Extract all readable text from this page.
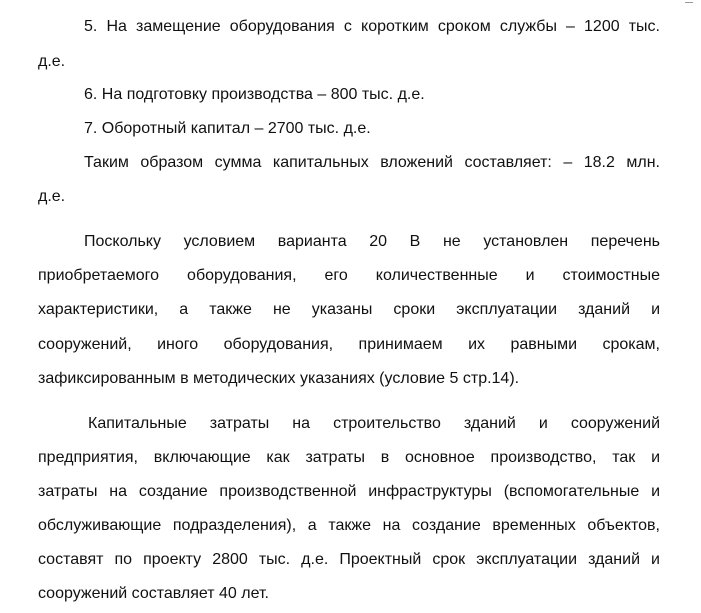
5. На замещение оборудования с коротким сроком службы – 1200 тыс.
д.е.
6. На подготовку производства – 800 тыс. д.е.
7. Оборотный капитал – 2700 тыс. д.е.
Таким образом сумма капитальных вложений составляет: – 18.2 млн.
д.е.
Поскольку условием варианта 20 В не установлен перечень
приобретаемого оборудования, его количественные и стоимостные
характеристики, а также не указаны сроки эксплуатации зданий и
сооружений, иного оборудования, принимаем их равными срокам,
зафиксированным в методических указаниях (условие 5 стр.14).
Капитальные затраты на строительство зданий и сооружений
предприятия, включающие как затраты в основное производство, так и
затраты на создание производственной инфраструктуры (вспомогательные и
обслуживающие подразделения), а также на создание временных объектов,
составят по проекту 2800 тыс. д.е. Проектный срок эксплуатации зданий и
сооружений составляет 40 лет.
